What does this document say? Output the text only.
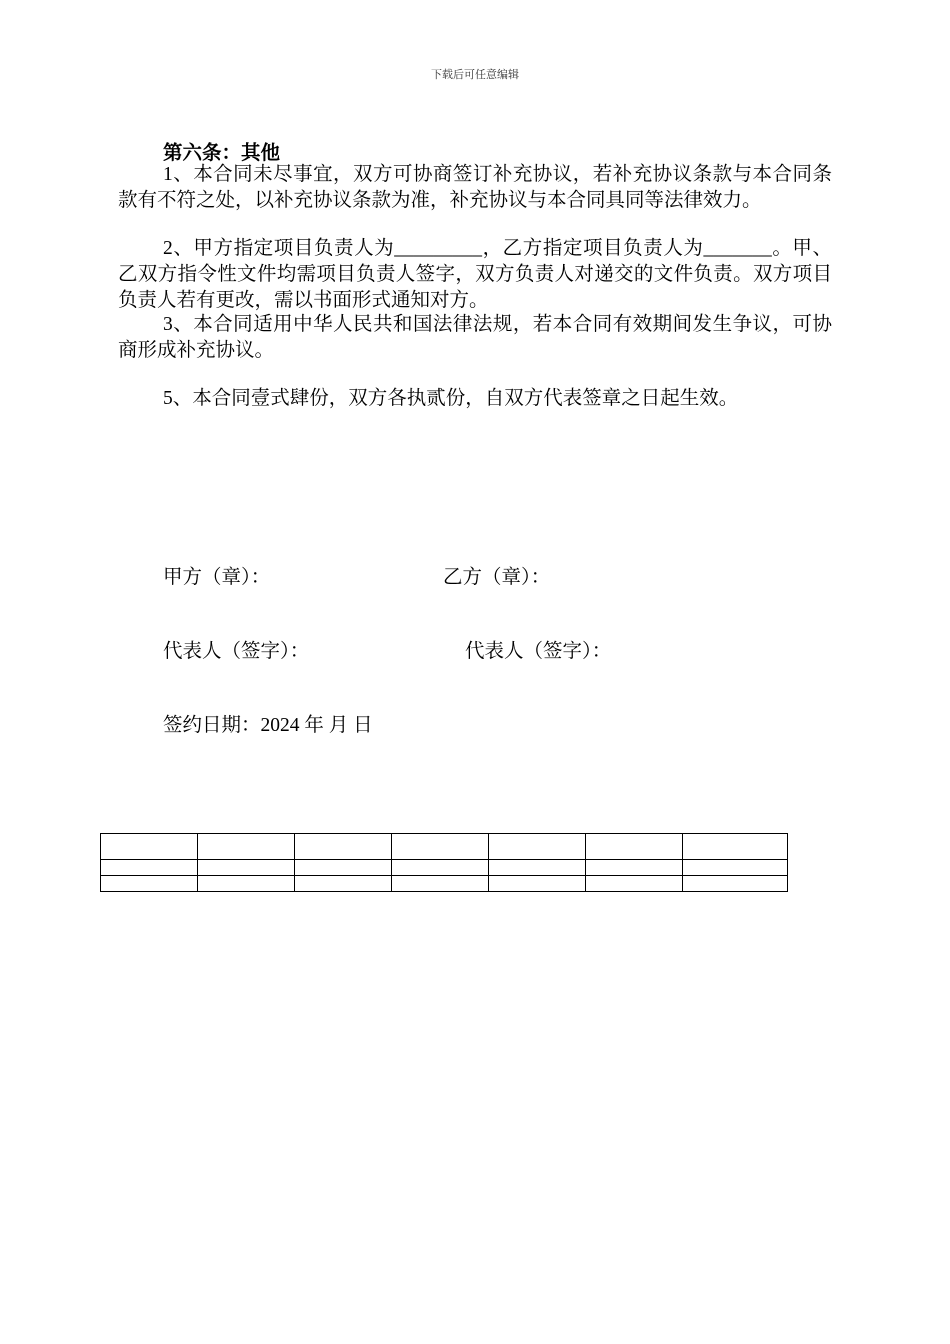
下载后可任意编辑
第六条：其他

1、本合同未尽事宜，双方可协商签订补充协议，若补充协议条款与本合同条款有不符之处，以补充协议条款为准，补充协议与本合同具同等法律效力。

2、甲方指定项目负责人为_________，乙方指定项目负责人为_______。甲、乙双方指令性文件均需项目负责人签字，双方负责人对递交的文件负责。双方项目负责人若有更改，需以书面形式通知对方。

3、本合同适用中华人民共和国法律法规，若本合同有效期间发生争议，可协商形成补充协议。

5、本合同壹式肆份，双方各执贰份，自双方代表签章之日起生效。

甲方（章）：	乙方（章）：
代表人（签字）：	代表人（签字）：
签约日期：2024 年 月 日
